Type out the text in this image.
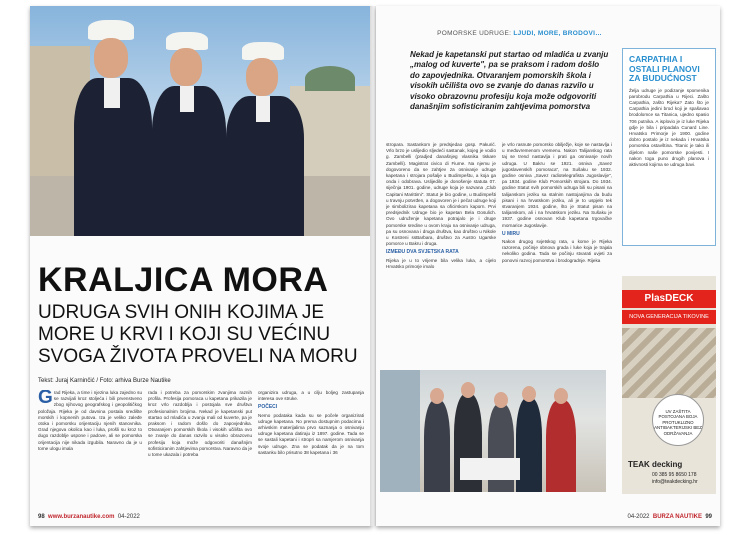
KRALJICA MORA
UDRUGA SVIH ONIH KOJIMA JE MORE U KRVI I KOJI SU VEĆINU SVOGA ŽIVOTA PROVELI NA MORU
Tekst: Juraj Karninčić / Foto: arhiva Burze Nautike
Grad Rijeka, a time i njezina luka zajedno su se razvijali kroz stoljeća i bili prvenstveno zbog njihovog geografskog i geopolitičkog položaja. Rijeka je od davnina postala središte morskih i kopnenih putova. Iza je veliko zaleđe otoka i pomorsku orijentaciju njenih stanovnika. Grad njegova okolica kao i luka, prošli su kroz to dugo razdoblje uspone i padove, ali se pomorska orijentacija nije nikada izgubila. Naravno da je u tome ulogu imala
rada i potreba za pomorskim zvanjima raznih profila. Profesija pomoraca u kapetana prikazila je kroz vrlo razdoblja i postojala sve društva profesionalnim brojima. Nekad je kapetanski put startao od mladića u zvanju mali od kuverte, pa je praksom i radom došlo do zapovjednika. Otvaranjem pomorskih škola i visokih učilišta ovo se zvanje do danas razvilo u visoko obrazovnu profesiju koja može odgovoriti današnjim sofisticiranim zahtjevima pomorstva. Naravno da je u tome ukazala i potreba
organizira udruga, a u cilju boljeg zastupanja interesa ove struke.
POČECI
Nemo podataka kada su se počele organizirati udruge kapetana. No prema dostupnim podacima i arhivskim materijalima prvo saznanja o osnivanju udruge kapetana datiraju iz 1897. godine. Tada se se sastali kapetani i stropri sa namjerom osnivanja svoje udruge. Zna se podatak da je na tom sastanku bilo prisutno 38 kapetana i 36
98 www.burzanautike.com 04-2022
POMORSKE UDRUGE: LJUDI, MORE, BRODOVI…
Nekad je kapetanski put startao od mladića u zvanju „malog od kuverte", pa se praksom i radom došlo do zapovjednika. Otvaranjem pomorskih škola i visokih učilišta ovo se zvanje do danas razvilo u visoko obrazovnu profesiju koja može odgovoriti današnjim sofisticiranim zahtjevima pomorstva
stropara. Sastankom je predsjedao gosp. Pakurić. Vrlo brzo je uslijedio sljedeći sastanak, kojeg je vodio g. Zambelli (pradjed današnjeg vlasnika tiskare Zambelli). Magistrat civico di Fiume. Na njemu je dogovoreno da se zahtjev za osnivanje udruge kapetana i strojara pošalje u Budimpeštu, a koja ga onda i odobrava. Uslijedilo je donošenje statuta 07. siječnja 1901. godine, udruge koja je nazvana „Club Capitani Marittimi". Statut je bio godine, u Budimpešti u travnju potvrđen, a dogovoren je i pečat udruge koji je simbolizirao kapetana sa oficirskom kaporn. Prvi predsjednik Udruge bio je kapetan Bela Gosulich. Ovo udruženje kapetana potrajalo je i druge pomorske sredine u ovom kraju na osnivanje udruga, pa su osnovana i druga društva, kao društvo u Nikole u Kostreni ssBarbara, društvo za Austro Ugarske pomorce u Bakru i druga.
IZMEĐU DVA SVJETSKA RATA
Rijeka je u to vrijeme bila velika luka, a cijelo Hrvatsko primorje imalo
je vrlo rasnute pomorsko obilježje, koje se nastavlja i u međuvremenom vremenu. Nakon Talijanskog rata taj se trend nastavlja i prati ga osnivanje novih udruga. U Bakru se 1921. osniva „Savez jugoslavenskih pomoraca", na Sušaku se 1932. godine osniva „Savez radiotelegrafista Jugoslavije", pa 1934. godine Klub Pomorskih strojara. Do 1934. godine Statut svih pomorskih udruga bili su pisani na talijanskom jeziku sa stalnim nastojanjima da budu pisani i na hrvatskom jeziku, ali je to uspjelo tek stvaranjem 1934. godine, što je Statut pisan na talijanskom, ali i na hrvatskom jeziku. Na Sušaku je 1937. godine osnovan Klub kapetana trgovačke mornarice Jugoslavije.
U MIRU
Nakon drugog svjetskog rata, u kome je Rijeka razorena, počinje obnova grada i luke koja je trajala nekoliko godina. Tada se počinju stvarati uvjeti za ponovni razvoj pomorstva i brodogradnje. Rijeka
CARPATHIA I OSTALI PLANOVI ZA BUDUĆNOST

Želja udruge je podizanje spomenika parobrodu Carpathia u Rijeci. Zašto Carpathia, zašto Rijeka? Zato što je Carpathia jedini brod koji je spašavao brodolomce sa Titanica, ujedno spasio 706 putnika. A isplovio je iz luke Rijeka gdje je bila i pripadala Cunard Line. Hrvatsko Primorje je 1900. godine dobro postalo je iz nekada i Hrvatska pomorska ostavština. Titanic je tako ili dijelom naše pomorske povijesti. I nakon toga puno drugih planova i aktivnosti kojima se udruga bavi.

PlasDECK
NOVA GENERACIJA TIKOVINE
UV ZAŠTITA POSTOJANA BOJA PROTUKLIZNO ANTIBAKTERIJSKI BEZ ODRŽAVANJA
TEAK decking
00 385 95 8650 178
info@teakdecking.hr
04-2022 BURZA NAUTIKE 99
